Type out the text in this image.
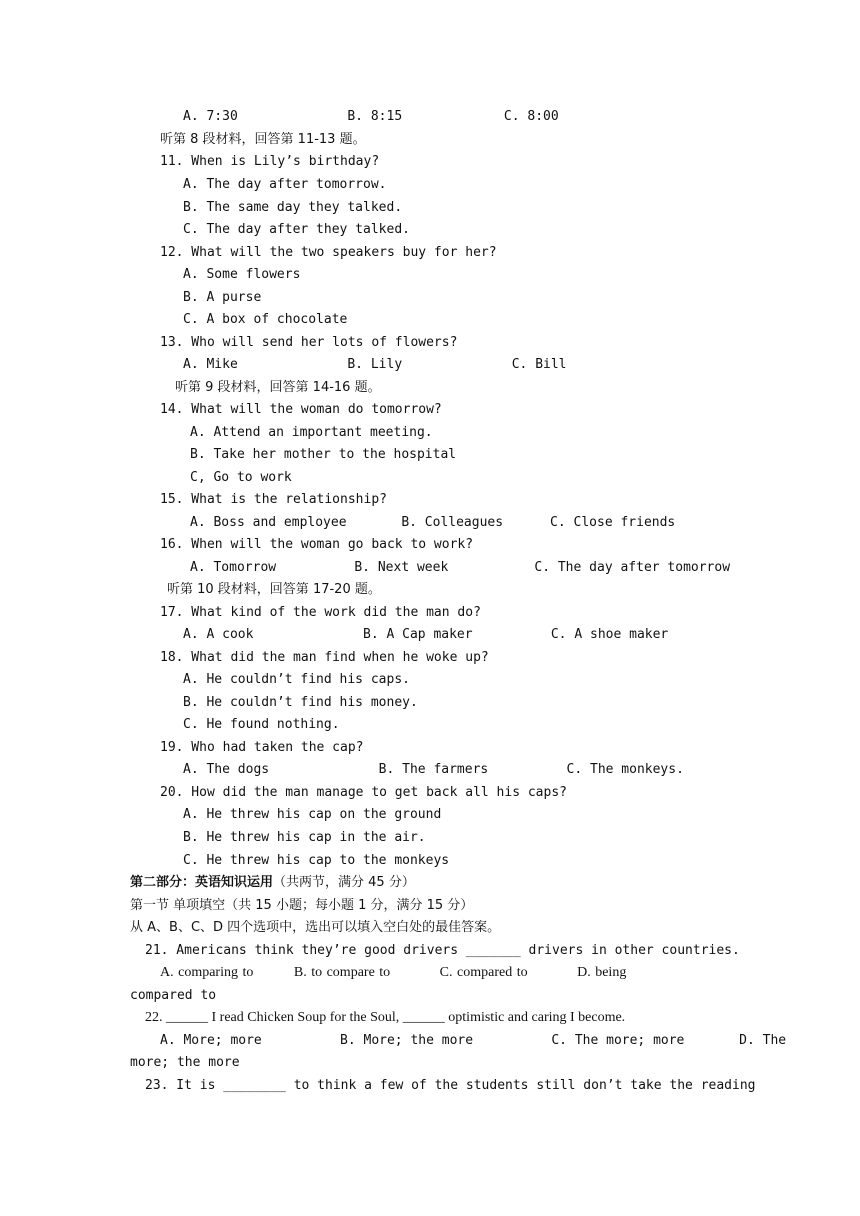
A. 7:30              B. 8:15             C. 8:00
听第 8 段材料，回答第 11-13 题。
11. When is Lily’s birthday?
A. The day after tomorrow.
B. The same day they talked.
C. The day after they talked.
12. What will the two speakers buy for her?
A. Some flowers
B. A purse
C. A box of chocolate
13. Who will send her lots of flowers?
A. Mike              B. Lily              C. Bill
听第 9 段材料，回答第 14-16 题。
14. What will the woman do tomorrow?
A. Attend an important meeting.
B. Take her mother to the hospital
C, Go to work
15. What is the relationship?
A. Boss and employee       B. Colleagues      C. Close friends
16. When will the woman go back to work?
A. Tomorrow          B. Next week           C. The day after tomorrow
听第 10 段材料，回答第 17-20 题。
17. What kind of the work did the man do?
A. A cook              B. A Cap maker          C. A shoe maker
18. What did the man find when he woke up?
A. He couldn’t find his caps.
B. He couldn’t find his money.
C. He found nothing.
19. Who had taken the cap?
A. The dogs              B. The farmers          C. The monkeys.
20. How did the man manage to get back all his caps?
A. He threw his cap on the ground
B. He threw his cap in the air.
C. He threw his cap to the monkeys
第二部分：英语知识运用（共两节，满分 45 分）
第一节 单项填空（共 15 小题；每小题 1 分，满分 15 分）
从 A、B、C、D 四个选项中，选出可以填入空白处的最佳答案。
21. Americans think they’re good drivers _______ drivers in other countries.
A. comparing to         B. to compare to           C. compared to           D. being
compared to
22. ______ I read Chicken Soup for the Soul, ______ optimistic and caring I become.
A. More; more          B. More; the more          C. The more; more       D. The
more; the more
23. It is ________ to think a few of the students still don’t take the reading
